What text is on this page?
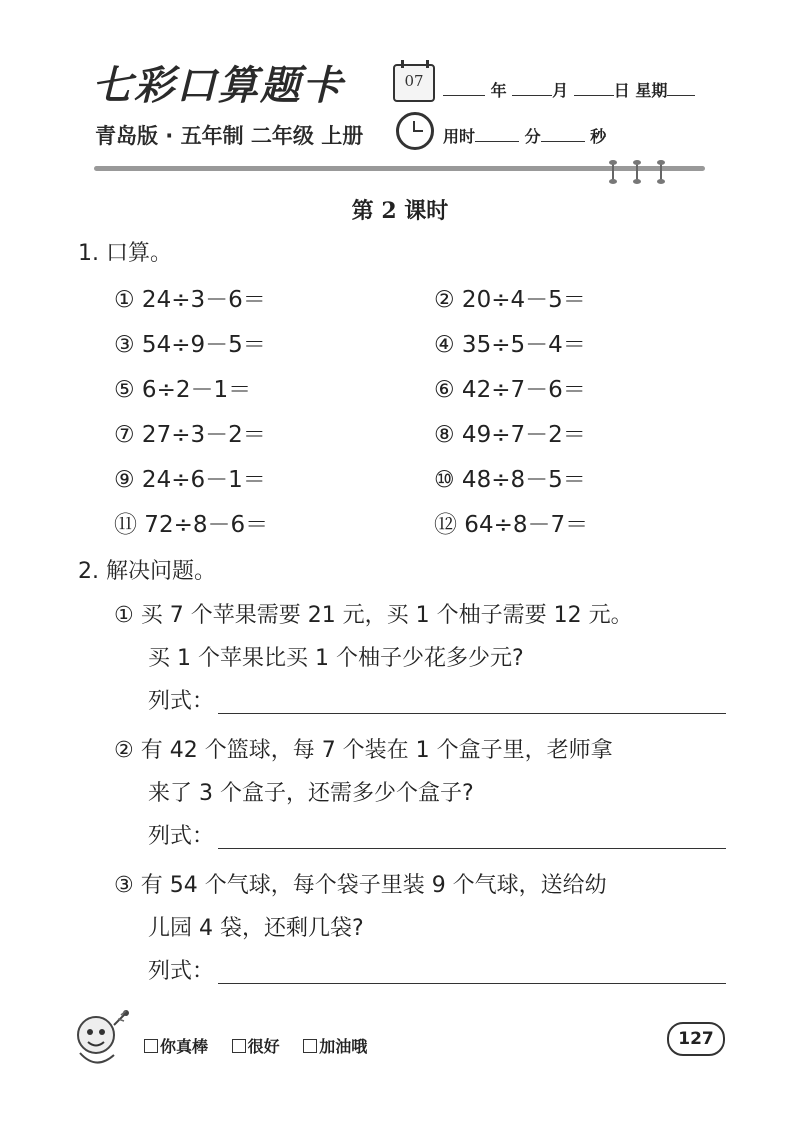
七彩口算题卡
青岛版 · 五年制 二年级 上册
07	年	月	日 星期
用时	分	秒
第 2 课时
1. 口算。
① 24÷3－6＝	② 20÷4－5＝
③ 54÷9－5＝	④ 35÷5－4＝
⑤ 6÷2－1＝	⑥ 42÷7－6＝
⑦ 27÷3－2＝	⑧ 49÷7－2＝
⑨ 24÷6－1＝	⑩ 48÷8－5＝
⑪ 72÷8－6＝	⑫ 64÷8－7＝
2. 解决问题。
① 买 7 个苹果需要 21 元，买 1 个柚子需要 12 元。
买 1 个苹果比买 1 个柚子少花多少元?
列式：
② 有 42 个篮球，每 7 个装在 1 个盒子里，老师拿
来了 3 个盒子，还需多少个盒子?
列式：
③ 有 54 个气球，每个袋子里装 9 个气球，送给幼
儿园 4 袋，还剩几袋?
列式：
你真棒 很好 加油哦	127
